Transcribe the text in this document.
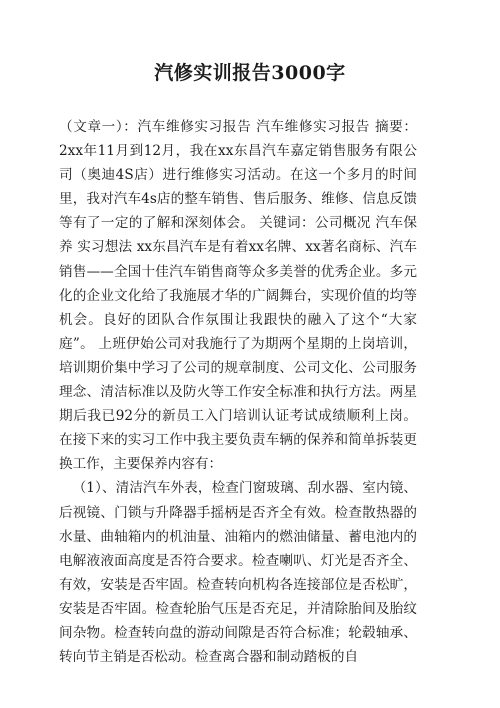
汽修实训报告3000字

（文章一）：汽车维修实习报告 汽车维修实习报告 摘要： 2xx年11月到12月，我在xx东昌汽车嘉定销售服务有限公司（奥迪4S店）进行维修实习活动。在这一个多月的时间里，我对汽车4s店的整车销售、售后服务、维修、信息反馈等有了一定的了解和深刻体会。 关键词：公司概况 汽车保养 实习想法 xx东昌汽车是有着xx名牌、xx著名商标、汽车销售——全国十佳汽车销售商等众多美誉的优秀企业。多元化的企业文化给了我施展才华的广阔舞台，实现价值的均等机会。良好的团队合作氛围让我跟快的融入了这个“大家庭”。 上班伊始公司对我施行了为期两个星期的上岗培训，培训期价集中学习了公司的规章制度、公司文化、公司服务理念、清洁标准以及防火等工作安全标准和执行方法。两星期后我已92分的新员工入门培训认证考试成绩顺利上岗。 在接下来的实习工作中我主要负责车辆的保养和简单拆装更换工作，主要保养内容有：

（1）、清洁汽车外表，检查门窗玻璃、刮水器、室内镜、后视镜、门锁与升降器手摇柄是否齐全有效。检查散热器的水量、曲轴箱内的机油量、油箱内的燃油储量、蓄电池内的电解液液面高度是否符合要求。检查喇叭、灯光是否齐全、有效，安装是否牢固。检查转向机构各连接部位是否松旷，安装是否牢固。检查轮胎气压是否充足，并清除胎间及胎纹间杂物。检查转向盘的游动间隙是否符合标准；轮毂轴承、转向节主销是否松动。检查离合器和制动踏板的自
